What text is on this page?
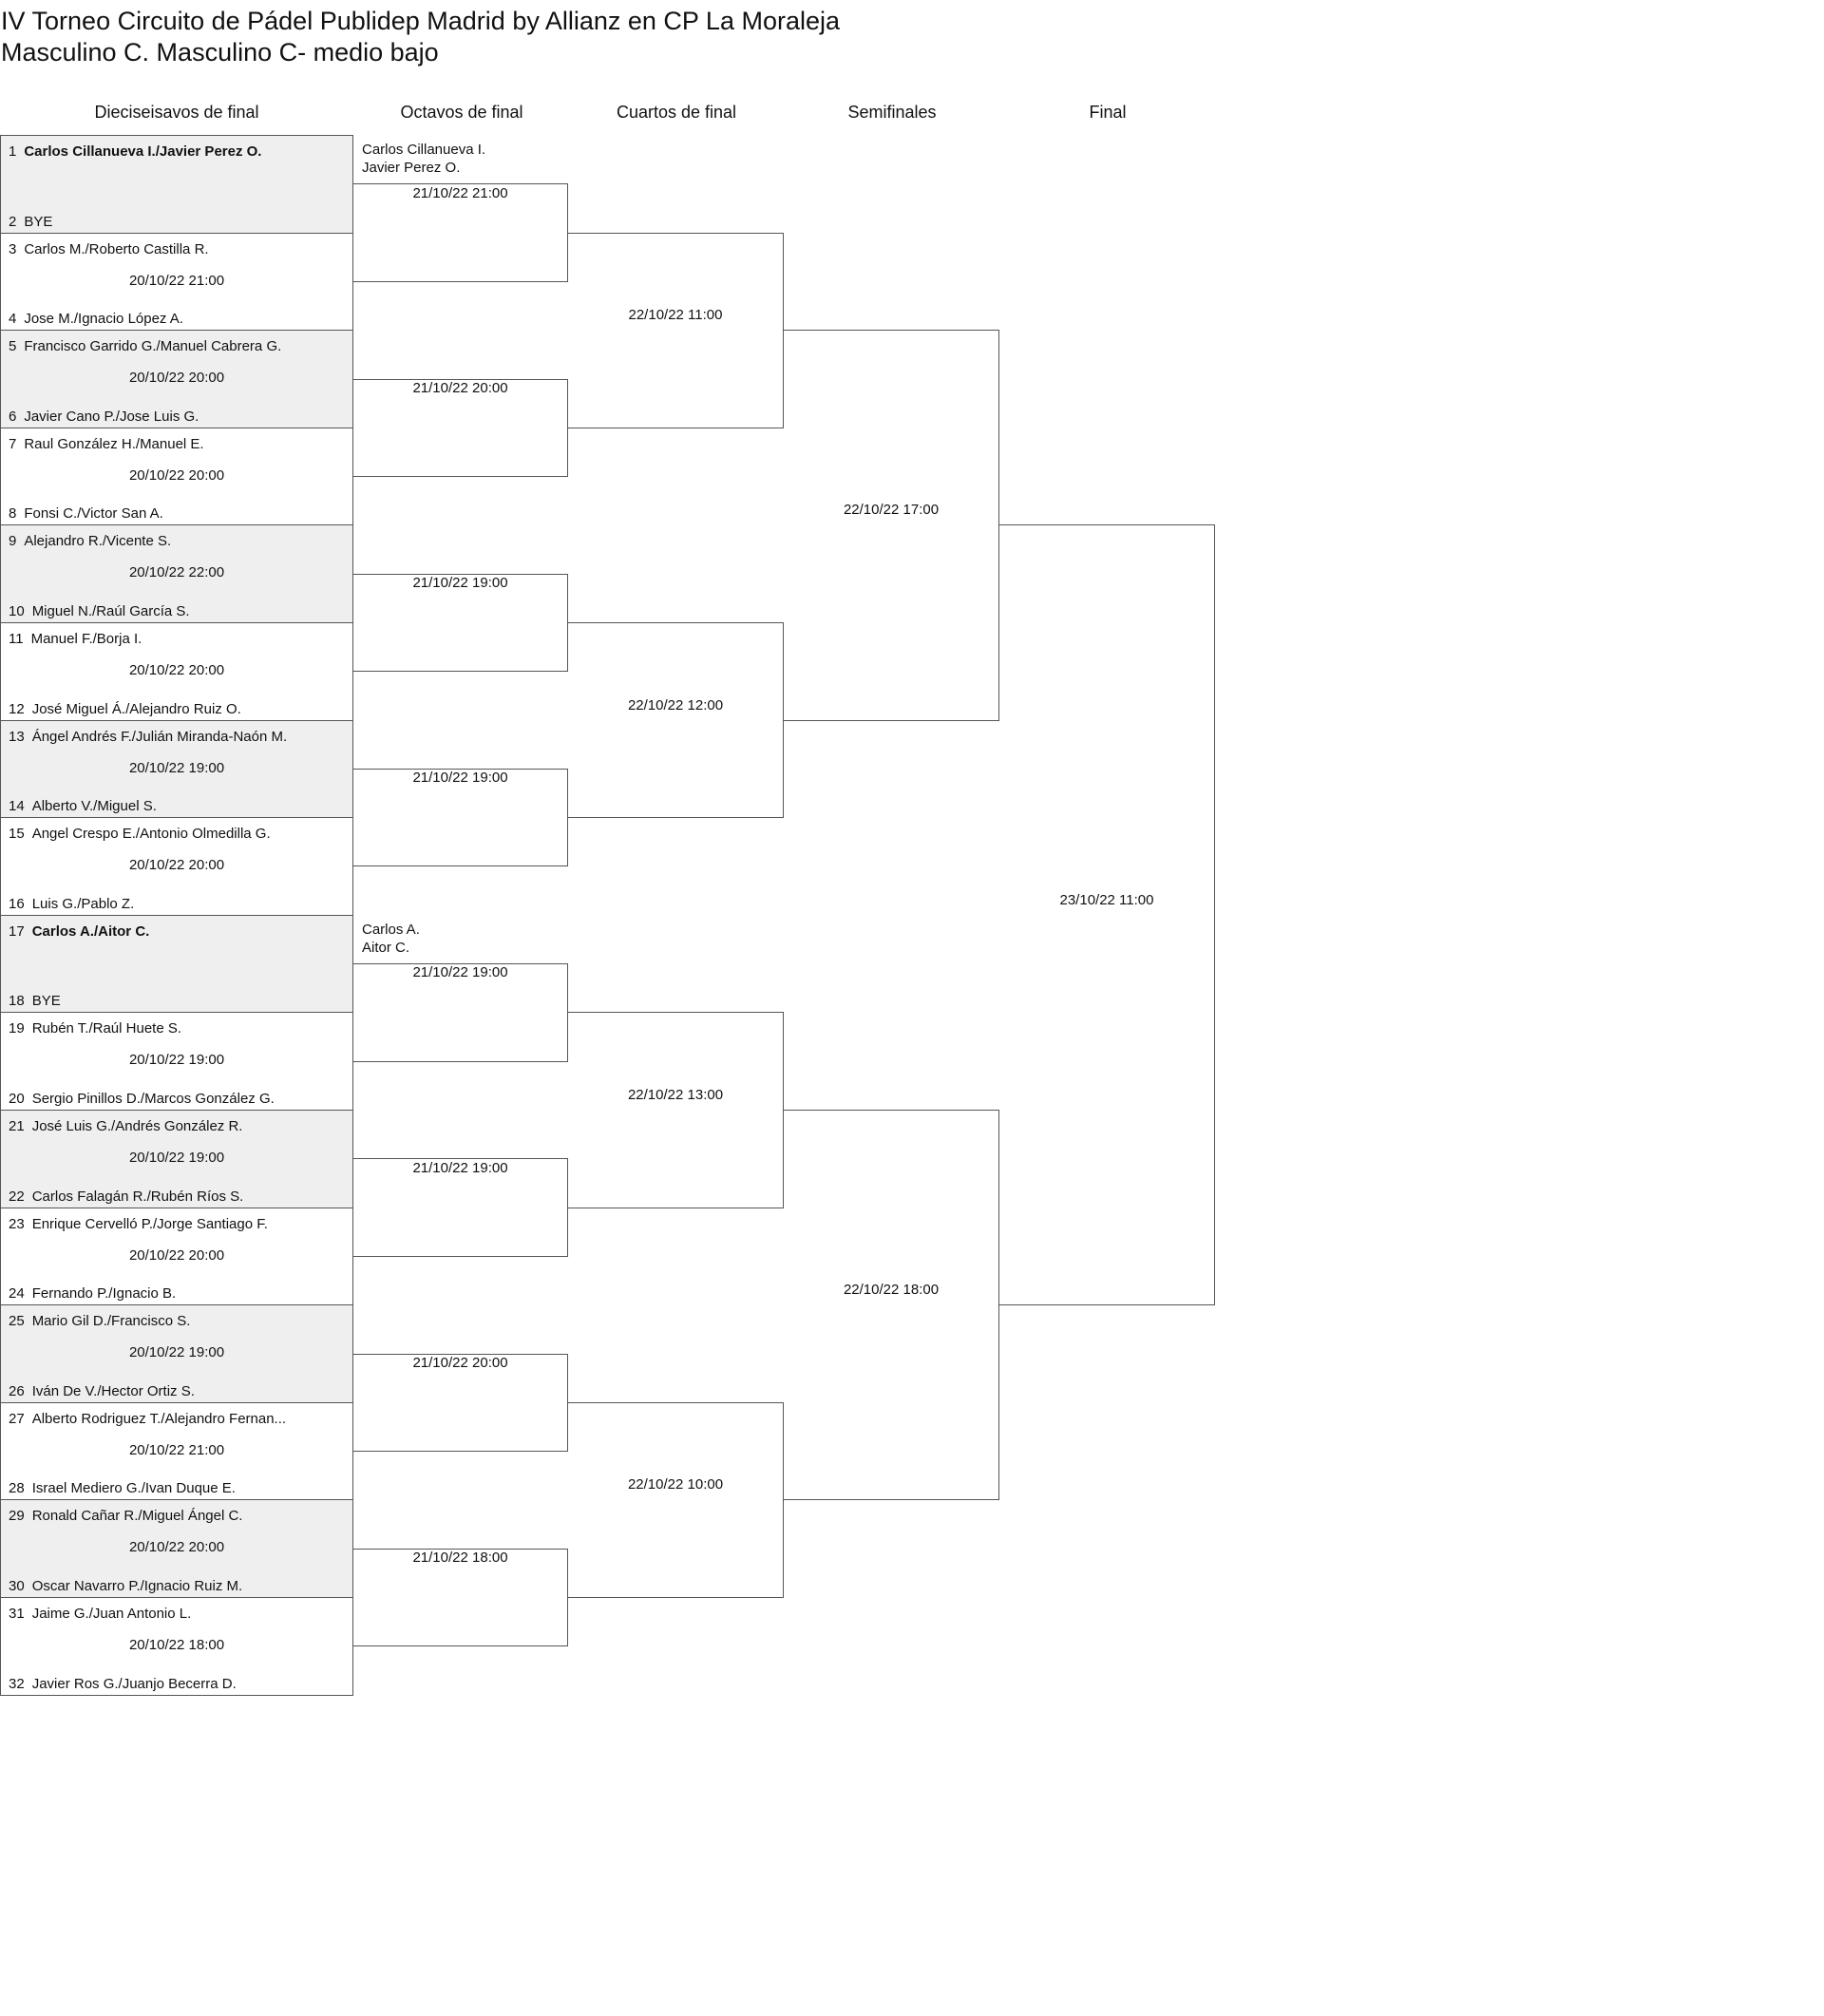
IV Torneo Circuito de Pádel Publidep Madrid by Allianz en CP La Moraleja
Masculino C. Masculino C- medio bajo
Dieciseisavos de final	Octavos de final	Cuartos de final	Semifinales	Final
1 Carlos Cillanueva I./Javier Perez O.
2 BYE
3 Carlos M./Roberto Castilla R.
20/10/22 21:00
4 Jose M./Ignacio López A.
5 Francisco Garrido G./Manuel Cabrera G.
20/10/22 20:00
6 Javier Cano P./Jose Luis G.
7 Raul González H./Manuel E.
20/10/22 20:00
8 Fonsi C./Victor San A.
9 Alejandro R./Vicente S.
20/10/22 22:00
10 Miguel N./Raúl García S.
11 Manuel F./Borja I.
20/10/22 20:00
12 José Miguel Á./Alejandro Ruiz O.
13 Ángel Andrés F./Julián Miranda-Naón M.
20/10/22 19:00
14 Alberto V./Miguel S.
15 Angel Crespo E./Antonio Olmedilla G.
20/10/22 20:00
16 Luis G./Pablo Z.
17 Carlos A./Aitor C.
18 BYE
19 Rubén T./Raúl Huete S.
20/10/22 19:00
20 Sergio Pinillos D./Marcos González G.
21 José Luis G./Andrés González R.
20/10/22 19:00
22 Carlos Falagán R./Rubén Ríos S.
23 Enrique Cervelló P./Jorge Santiago F.
20/10/22 20:00
24 Fernando P./Ignacio B.
25 Mario Gil D./Francisco S.
20/10/22 19:00
26 Iván De V./Hector Ortiz S.
27 Alberto Rodriguez T./Alejandro Fernan...
20/10/22 21:00
28 Israel Mediero G./Ivan Duque E.
29 Ronald Cañar R./Miguel Ángel C.
20/10/22 20:00
30 Oscar Navarro P./Ignacio Ruiz M.
31 Jaime G./Juan Antonio L.
20/10/22 18:00
32 Javier Ros G./Juanjo Becerra D.
Carlos Cillanueva I.
Javier Perez O.
Carlos A.
Aitor C.
21/10/22 21:00
21/10/22 20:00
21/10/22 19:00
21/10/22 19:00
21/10/22 19:00
21/10/22 19:00
21/10/22 20:00
21/10/22 18:00
22/10/22 11:00
22/10/22 12:00
22/10/22 13:00
22/10/22 10:00
22/10/22 17:00
22/10/22 18:00
23/10/22 11:00
